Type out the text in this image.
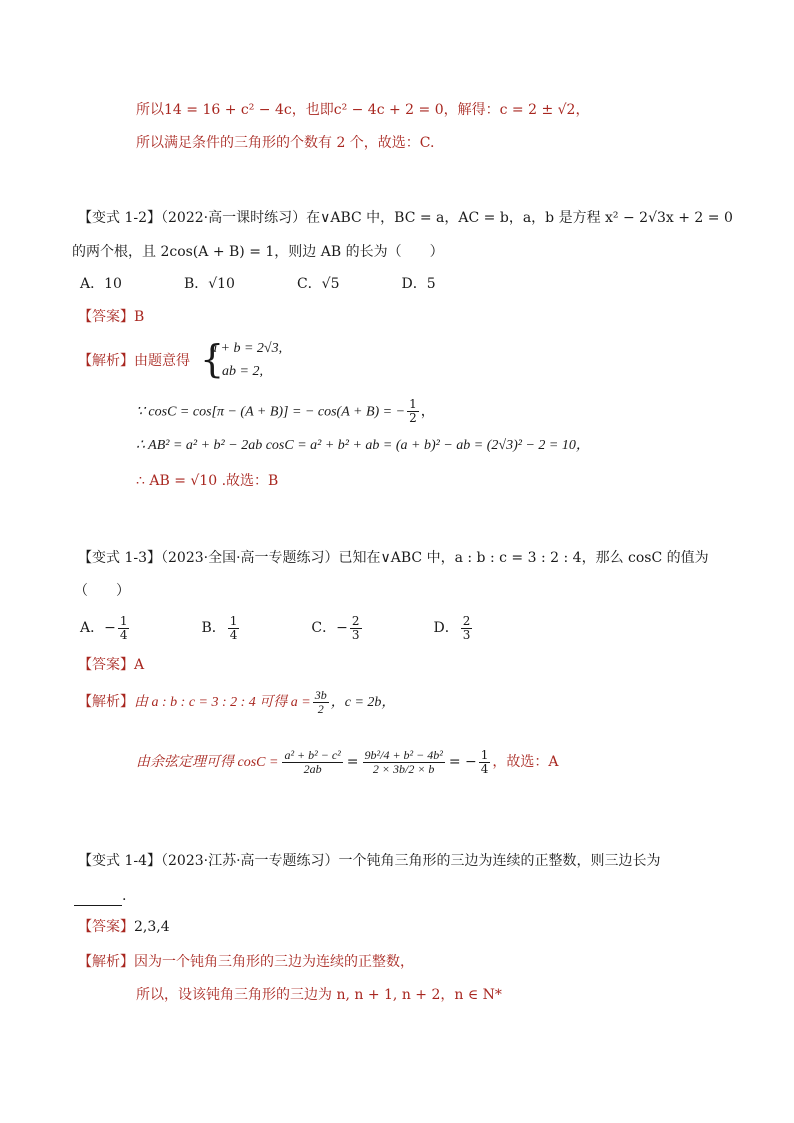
所以14 = 16 + c² − 4c，也即c² − 4c + 2 = 0，解得：c = 2 ± √2，
所以满足条件的三角形的个数有 2 个，故选：C.
【变式 1-2】（2022·高一课时练习）在∨ABC 中，BC = a，AC = b，a，b 是方程 x² − 2√3x + 2 = 0
的两个根，且 2cos(A + B) = 1，则边 AB 的长为（　　）
A．10	B．√10	C．√5	D．5
【答案】B
【解析】由题意得 {
a + b = 2√3,
ab = 2,
∵ cosC = cos[π − (A + B)] = − cos(A + B) = − $\frac{1}{2}$ ，
∴ AB² = a² + b² − 2ab cosC = a² + b² + ab = (a + b)² − ab = (2√3)² − 2 = 10，
∴ AB = √10 .故选：B
【变式 1-3】（2023·全国·高一专题练习）已知在∨ABC 中，a : b : c = 3 : 2 : 4，那么 cosC 的值为
（　　）
A．− $\frac{1}{4}$	B． $\frac{1}{4}$	C．− $\frac{2}{3}$	D． $\frac{2}{3}$
【答案】A
【解析】由 a : b : c = 3 : 2 : 4 可得 $a = \frac{3b}{2}$ ，c = 2b，
由余弦定理可得 $\cos C = \frac{\text{a² + b² − c²}}{2ab} = \frac{\text{9b²/4 + b² − 4b²}}{2 \times 3b/2 \times b}$ = − $\frac{1}{4}$ ，故选：A
【变式 1-4】（2023·江苏·高一专题练习）一个钝角三角形的三边为连续的正整数，则三边长为
.
【答案】2,3,4
【解析】因为一个钝角三角形的三边为连续的正整数，
所以，设该钝角三角形的三边为 n, n + 1, n + 2，n ∈ N*
